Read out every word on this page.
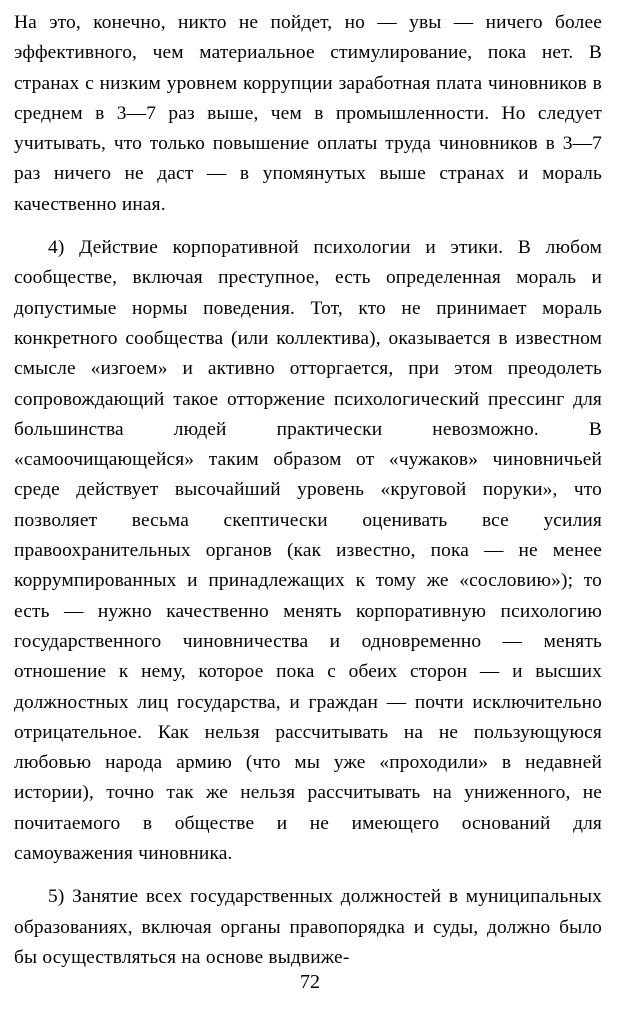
На это, конечно, никто не пойдет, но — увы — ничего более эффективного, чем материальное стимулирование, пока нет. В странах с низким уровнем коррупции заработная плата чиновников в среднем в 3—7 раз выше, чем в промышленности. Но следует учитывать, что только повышение оплаты труда чиновников в 3—7 раз ничего не даст — в упомянутых выше странах и мораль качественно иная.

4) Действие корпоративной психологии и этики. В любом сообществе, включая преступное, есть определенная мораль и допустимые нормы поведения. Тот, кто не принимает мораль конкретного сообщества (или коллектива), оказывается в известном смысле «изгоем» и активно отторгается, при этом преодолеть сопровождающий такое отторжение психологический прессинг для большинства людей практически невозможно. В «самоочищающейся» таким образом от «чужаков» чиновничьей среде действует высочайший уровень «круговой поруки», что позволяет весьма скептически оценивать все усилия правоохранительных органов (как известно, пока — не менее коррумпированных и принадлежащих к тому же «сословию»); то есть — нужно качественно менять корпоративную психологию государственного чиновничества и одновременно — менять отношение к нему, которое пока с обеих сторон — и высших должностных лиц государства, и граждан — почти исключительно отрицательное. Как нельзя рассчитывать на не пользующуюся любовью народа армию (что мы уже «проходили» в недавней истории), точно так же нельзя рассчитывать на униженного, не почитаемого в обществе и не имеющего оснований для самоуважения чиновника.

5) Занятие всех государственных должностей в муниципальных образованиях, включая органы правопорядка и суды, должно было бы осуществляться на основе выдвиже-

72
